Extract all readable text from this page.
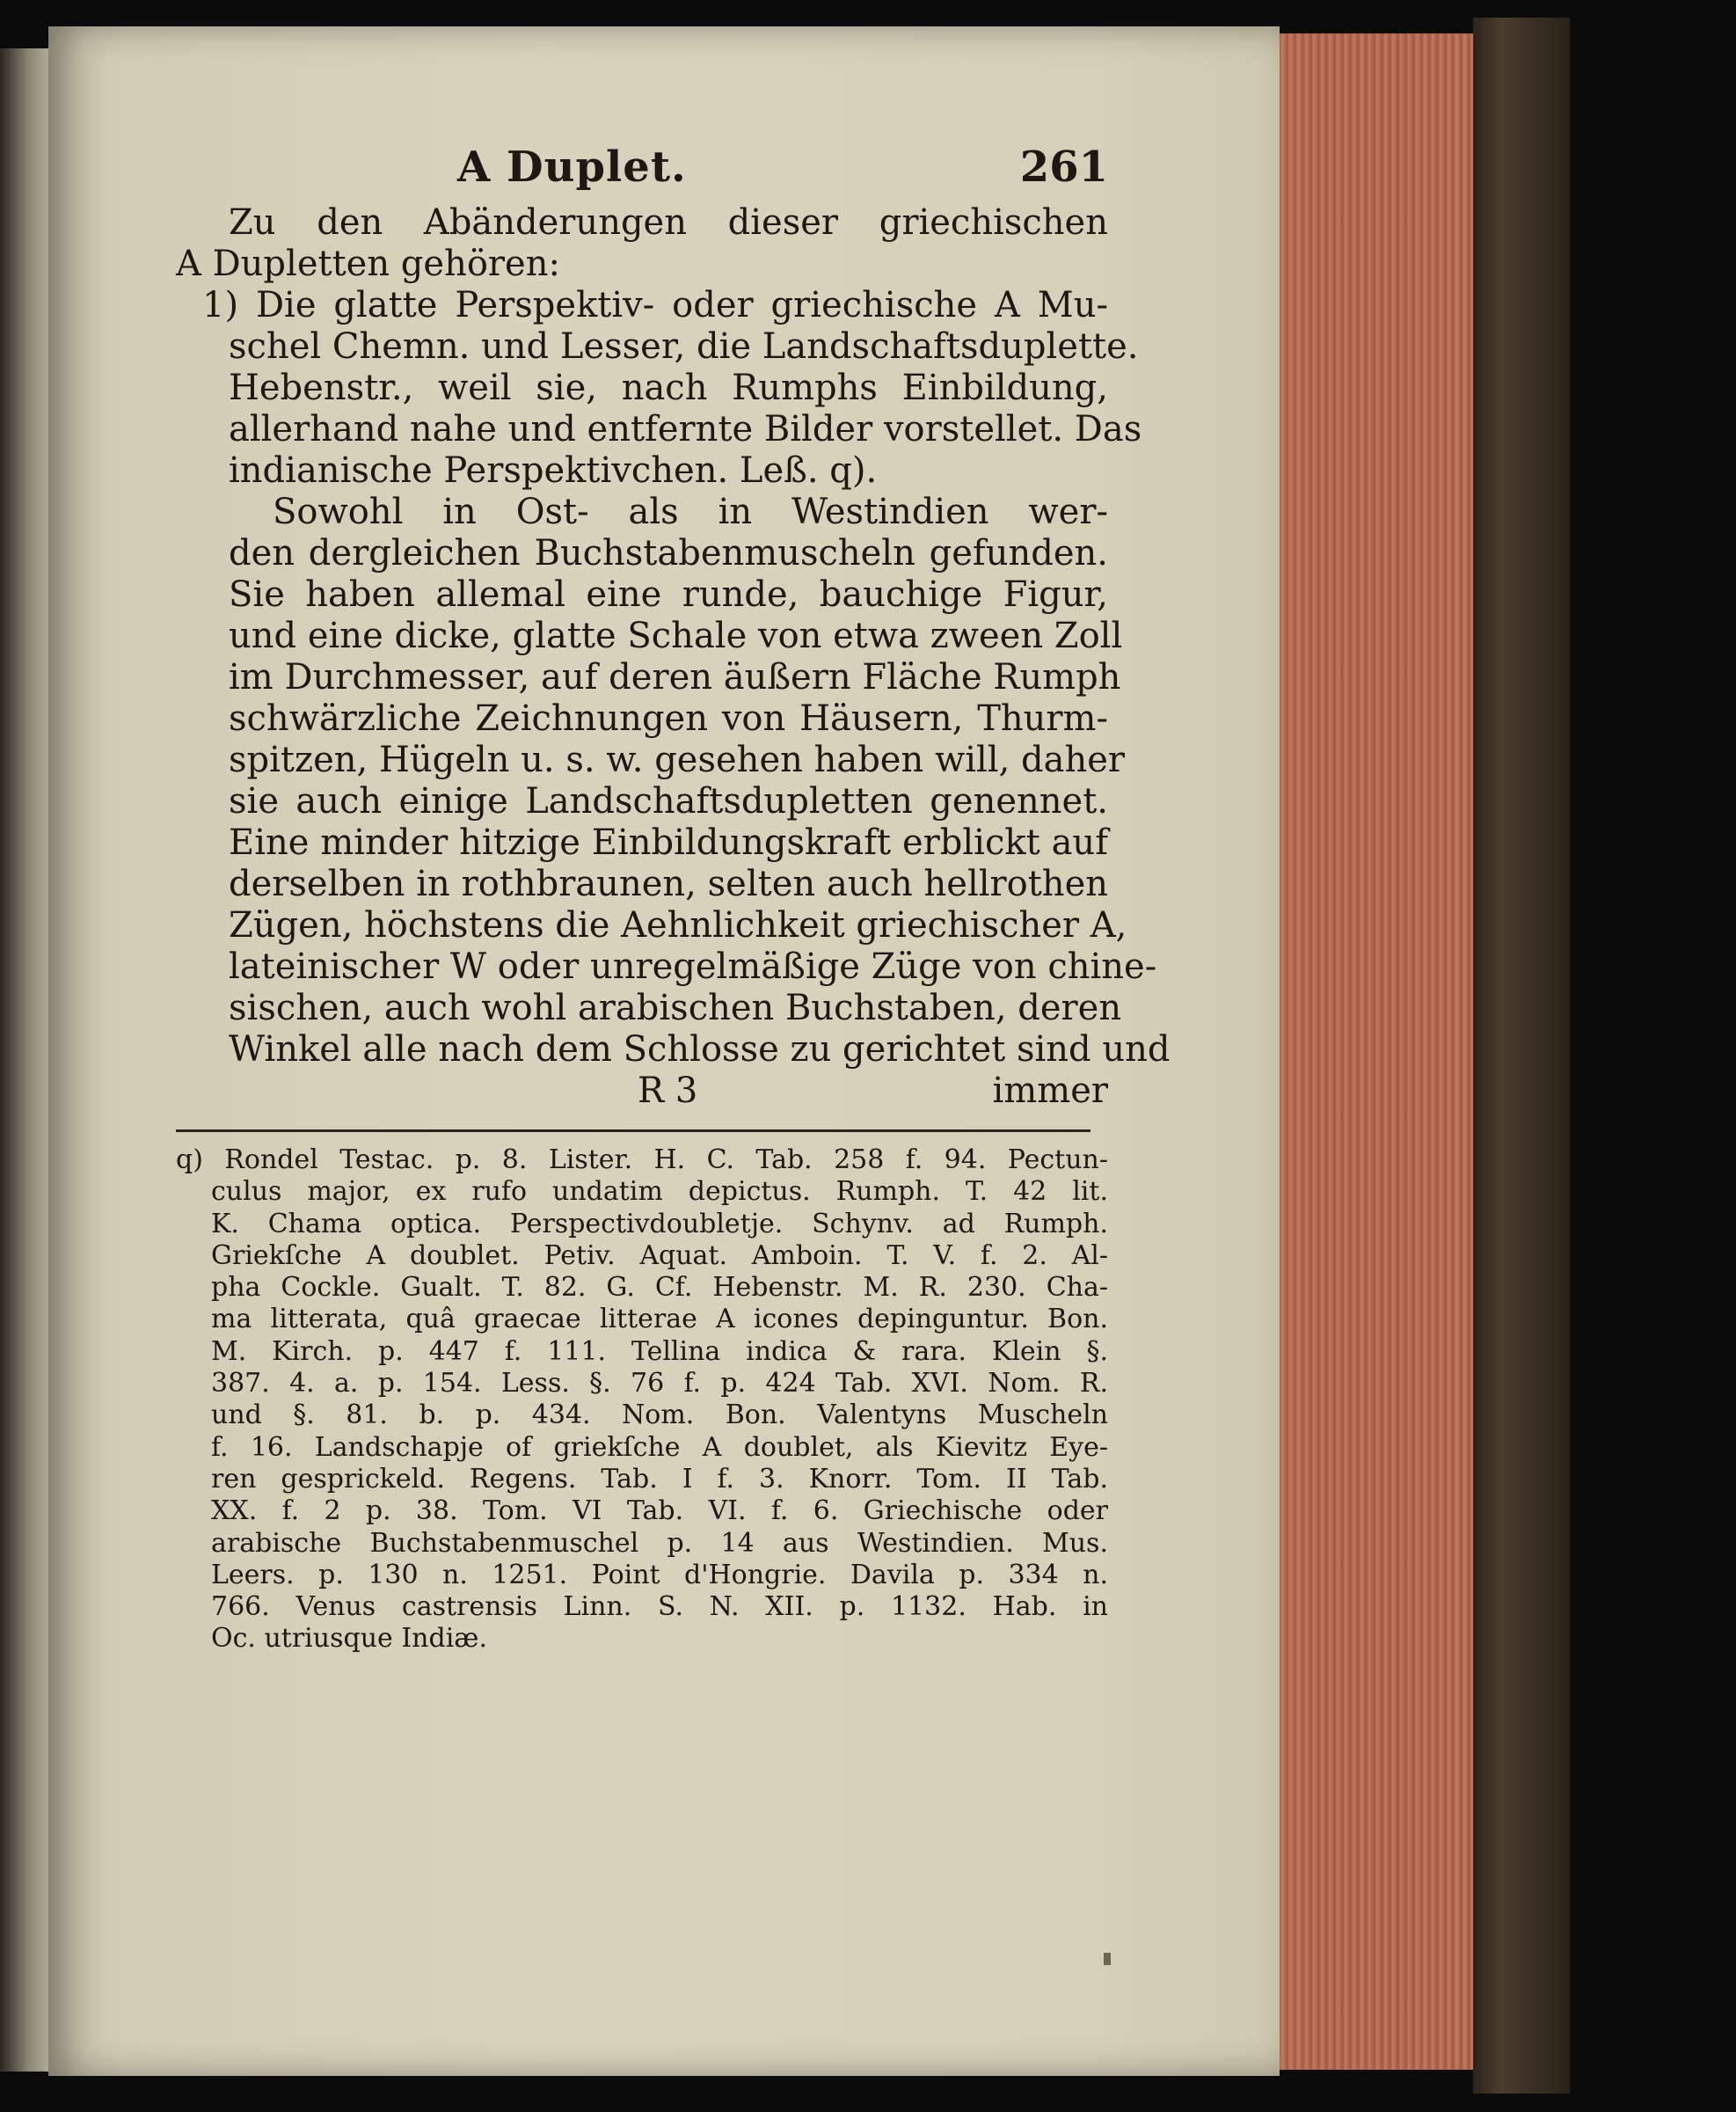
A Duplet.	261
Zu den Abänderungen dieser griechischen
A Dupletten gehören:
1) Die glatte Perspektiv- oder griechische A Mu-
schel Chemn. und Lesser, die Landschaftsduplette.
Hebenstr., weil sie, nach Rumphs Einbildung,
allerhand nahe und entfernte Bilder vorstellet. Das
indianische Perspektivchen. Leß. q).
Sowohl in Ost- als in Westindien wer-
den dergleichen Buchstabenmuscheln gefunden.
Sie haben allemal eine runde, bauchige Figur,
und eine dicke, glatte Schale von etwa zween Zoll
im Durchmesser, auf deren äußern Fläche Rumph
schwärzliche Zeichnungen von Häusern, Thurm-
spitzen, Hügeln u. s. w. gesehen haben will, daher
sie auch einige Landschaftsdupletten genennet.
Eine minder hitzige Einbildungskraft erblickt auf
derselben in rothbraunen, selten auch hellrothen
Zügen, höchstens die Aehnlichkeit griechischer A,
lateinischer W oder unregelmäßige Züge von chine-
sischen, auch wohl arabischen Buchstaben, deren
Winkel alle nach dem Schlosse zu gerichtet sind und
R 3	immer
q) Rondel Testac. p. 8. Lister. H. C. Tab. 258 f. 94. Pectun-
culus major, ex rufo undatim depictus. Rumph. T. 42 lit.
K. Chama optica. Perspectivdoubletje. Schynv. ad Rumph.
Griekſche A doublet. Petiv. Aquat. Amboin. T. V. f. 2. Al-
pha Cockle. Gualt. T. 82. G. Cf. Hebenstr. M. R. 230. Cha-
ma litterata, quâ graecae litterae A icones depinguntur. Bon.
M. Kirch. p. 447 f. 111. Tellina indica & rara. Klein §.
387. 4. a. p. 154. Less. §. 76 f. p. 424 Tab. XVI. Nom. R.
und §. 81. b. p. 434. Nom. Bon. Valentyns Muscheln
f. 16. Landschapje of griekſche A doublet, als Kievitz Eye-
ren gesprickeld. Regens. Tab. I f. 3. Knorr. Tom. II Tab.
XX. f. 2 p. 38. Tom. VI Tab. VI. f. 6. Griechische oder
arabische Buchstabenmuschel p. 14 aus Westindien. Mus.
Leers. p. 130 n. 1251. Point d'Hongrie. Davila p. 334 n.
766. Venus castrensis Linn. S. N. XII. p. 1132. Hab. in
Oc. utriusque Indiæ.
